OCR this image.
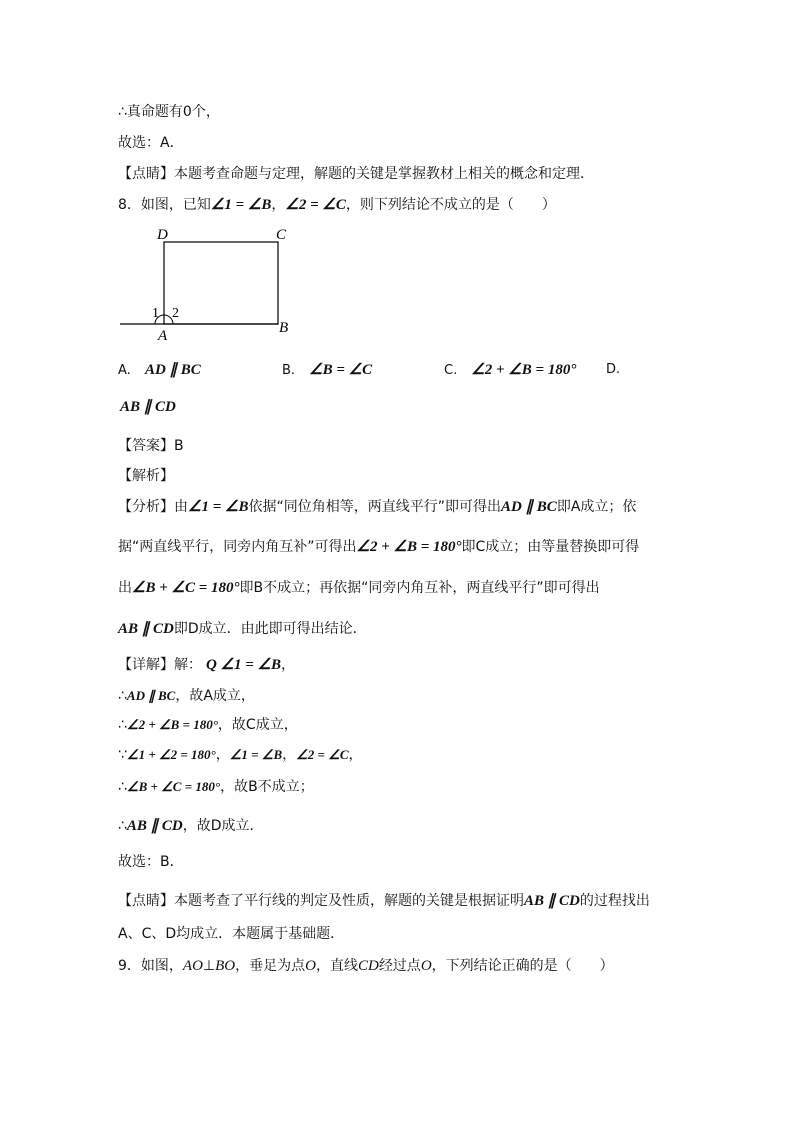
∴真命题有0个，
故选：A．
【点睛】本题考查命题与定理，解题的关键是掌握教材上相关的概念和定理．
8．如图，已知∠1 = ∠B，∠2 = ∠C，则下列结论不成立的是（　　）
D	C
1 2
A	B
A. AD ∥ BC	B. ∠B = ∠C	C. ∠2 + ∠B = 180° D.
AB ∥ CD
【答案】B
【解析】
【分析】由∠1 = ∠B依据“同位角相等，两直线平行”即可得出AD ∥ BC即A成立；依
据“两直线平行，同旁内角互补”可得出∠2 + ∠B = 180°即C成立；由等量替换即可得
出∠B + ∠C = 180°即B不成立；再依据“同旁内角互补，两直线平行”即可得出
AB ∥ CD即D成立．由此即可得出结论．
【详解】解： Q ∠1 = ∠B，
∴AD ∥ BC，故A成立，
∴∠2 + ∠B = 180°，故C成立，
∵∠1 + ∠2 = 180°，∠1 = ∠B，∠2 = ∠C，
∴∠B + ∠C = 180°，故B不成立；
∴AB ∥ CD，故D成立．
故选：B．
【点睛】本题考查了平行线的判定及性质，解题的关键是根据证明AB ∥ CD的过程找出
A、C、D均成立．本题属于基础题．
9．如图，AO⊥BO，垂足为点O，直线CD经过点O，下列结论正确的是（　　）
